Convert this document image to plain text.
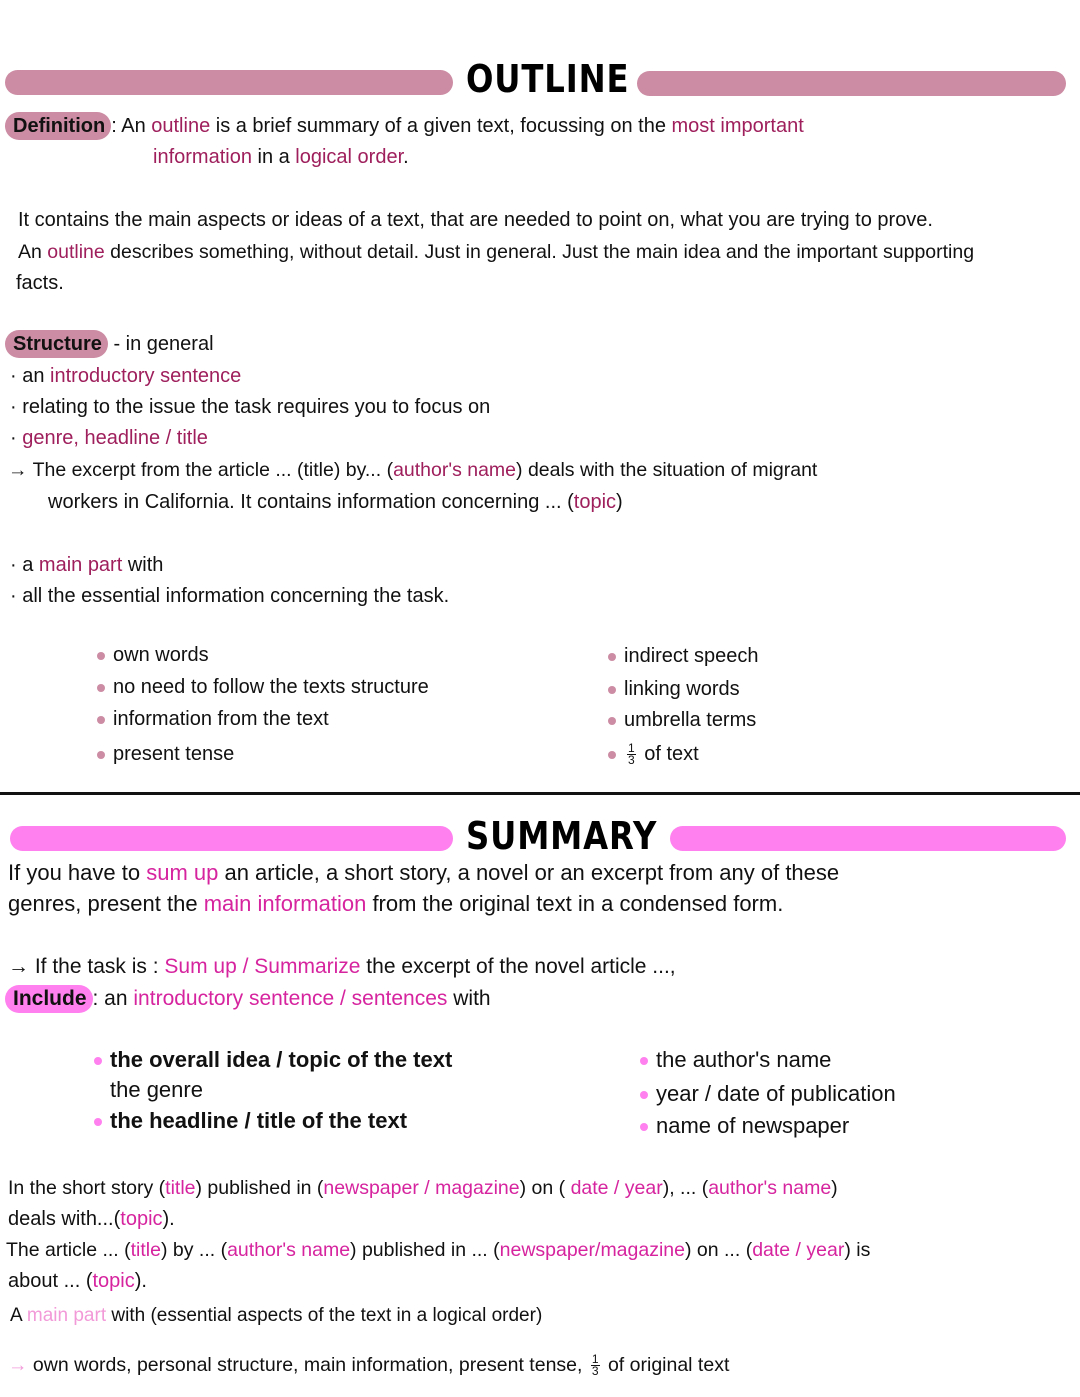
OUTLINE
Definition : An outline is a brief summary of a given text, focussing on the most important
information in a logical order.
It contains the main aspects or ideas of a text, that are needed to point on, what you are trying to prove.
An outline describes something, without detail. Just in general. Just the main idea and the important supporting
facts.
Structure - in general
· an introductory sentence
· relating to the issue the task requires you to focus on
· genre, headline / title
→ The excerpt from the article ... (title) by... (author's name) deals with the situation of migrant
workers in California. It contains information concerning ... (topic)
· a main part with
· all the essential information concerning the task.
own words
no need to follow the texts structure
information from the text
present tense
indirect speech
linking words
umbrella terms
$\frac{1}{3}$ of text
SUMMARY
If you have to sum up an article, a short story, a novel or an excerpt from any of these
genres, present the main information from the original text in a condensed form.
→ If the task is : Sum up / Summarize the excerpt of the novel article ...,
Include : an introductory sentence / sentences with
the overall idea / topic of the text
the genre
the headline / title of the text
the author's name
year / date of publication
name of newspaper
In the short story (title) published in (newspaper / magazine) on ( date / year), ... (author's name)
deals with...(topic).
The article ... (title) by ... (author's name) published in ... (newspaper/magazine) on ... (date / year) is
about ... (topic).
A main part with (essential aspects of the text in a logical order)
→ own words, personal structure, main information, present tense, $\frac{1}{3}$ of original text
